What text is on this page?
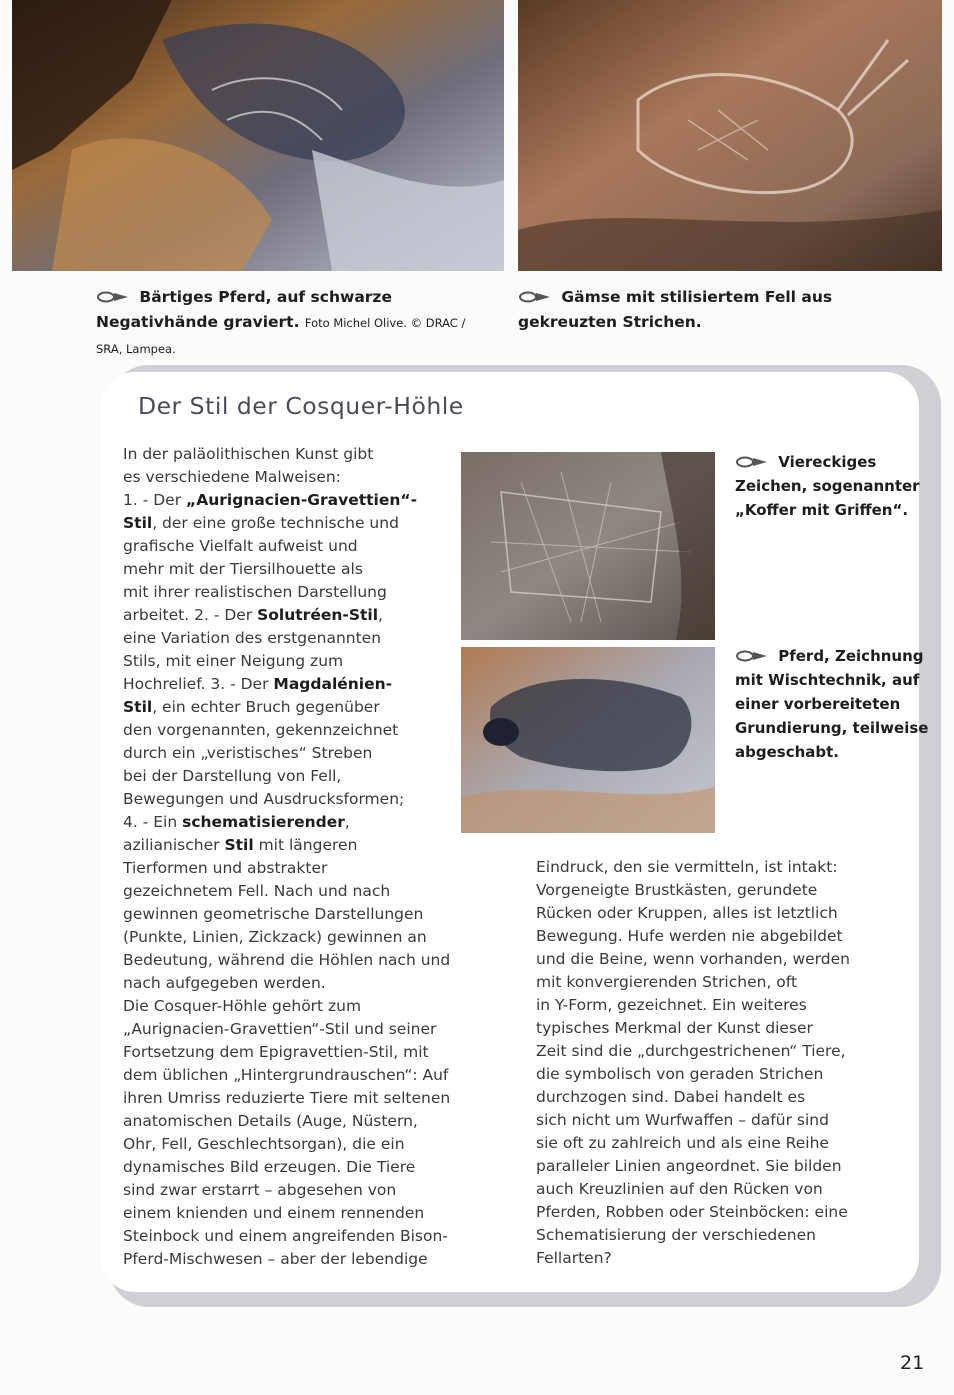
Bärtiges Pferd, auf schwarze Negativhände graviert. Foto Michel Olive. © DRAC / SRA, Lampea.
Gämse mit stilisiertem Fell aus gekreuzten Strichen.
Der Stil der Cosquer-Höhle
In der paläolithischen Kunst gibt
es verschiedene Malweisen:
1. - Der „Aurignacien-Gravettien“-
Stil, der eine große technische und
grafische Vielfalt aufweist und
mehr mit der Tiersilhouette als
mit ihrer realistischen Darstellung
arbeitet. 2. - Der Solutréen-Stil,
eine Variation des erstgenannten
Stils, mit einer Neigung zum
Hochrelief. 3. - Der Magdalénien-
Stil, ein echter Bruch gegenüber
den vorgenannten, gekennzeichnet
durch ein „veristisches“ Streben
bei der Darstellung von Fell,
Bewegungen und Ausdrucksformen;
4. - Ein schematisierender,
azilianischer Stil mit längeren
Tierformen und abstrakter
gezeichnetem Fell. Nach und nach
gewinnen geometrische Darstellungen
(Punkte, Linien, Zickzack) gewinnen an
Bedeutung, während die Höhlen nach und
nach aufgegeben werden.
Die Cosquer-Höhle gehört zum
„Aurignacien-Gravettien“-Stil und seiner
Fortsetzung dem Epigravettien-Stil, mit
dem üblichen „Hintergrundrauschen“: Auf
ihren Umriss reduzierte Tiere mit seltenen
anatomischen Details (Auge, Nüstern,
Ohr, Fell, Geschlechtsorgan), die ein
dynamisches Bild erzeugen. Die Tiere
sind zwar erstarrt – abgesehen von
einem knienden und einem rennenden
Steinbock und einem angreifenden Bison-
Pferd-Mischwesen – aber der lebendige
Eindruck, den sie vermitteln, ist intakt:
Vorgeneigte Brustkästen, gerundete
Rücken oder Kruppen, alles ist letztlich
Bewegung. Hufe werden nie abgebildet
und die Beine, wenn vorhanden, werden
mit konvergierenden Strichen, oft
in Y-Form, gezeichnet. Ein weiteres
typisches Merkmal der Kunst dieser
Zeit sind die „durchgestrichenen“ Tiere,
die symbolisch von geraden Strichen
durchzogen sind. Dabei handelt es
sich nicht um Wurfwaffen – dafür sind
sie oft zu zahlreich und als eine Reihe
paralleler Linien angeordnet. Sie bilden
auch Kreuzlinien auf den Rücken von
Pferden, Robben oder Steinböcken: eine
Schematisierung der verschiedenen
Fellarten?
Viereckiges Zeichen, sogenannter „Koffer mit Griffen“.
Pferd, Zeichnung mit Wischtechnik, auf einer vorbereiteten Grundierung, teilweise abgeschabt.
21
